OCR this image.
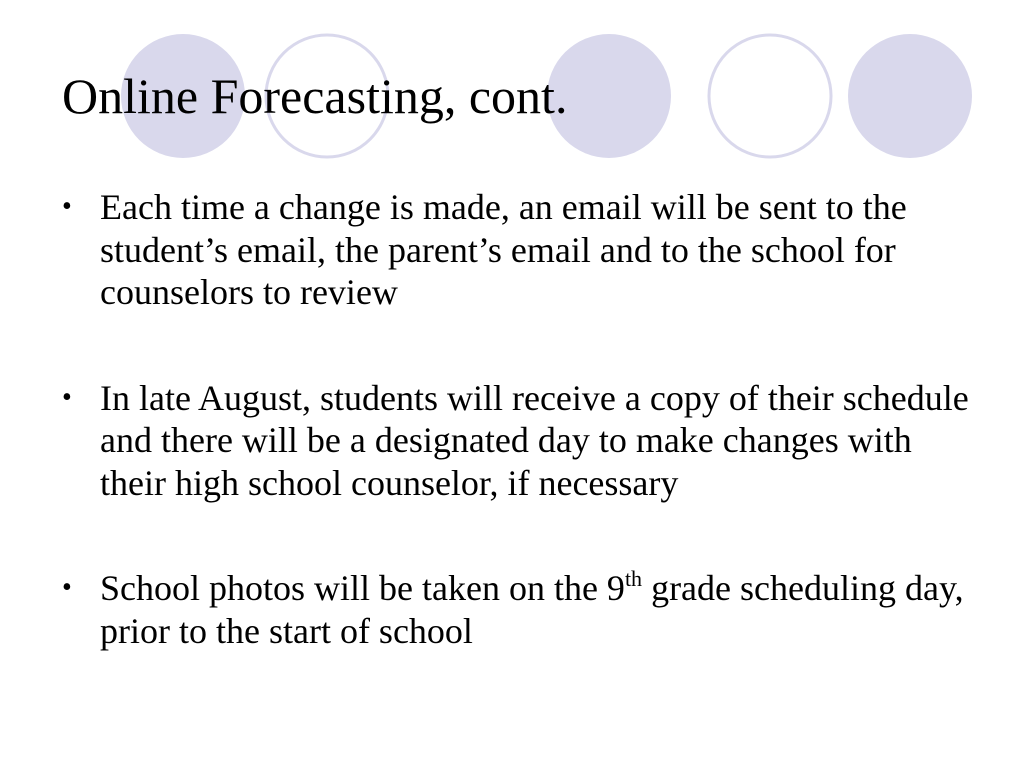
Online Forecasting, cont.
• Each time a change is made, an email will be sent to the student’s email, the parent’s email and to the school for counselors to review
• In late August, students will receive a copy of their schedule and there will be a designated day to make changes with their high school counselor, if necessary
• School photos will be taken on the 9th grade scheduling day, prior to the start of school
